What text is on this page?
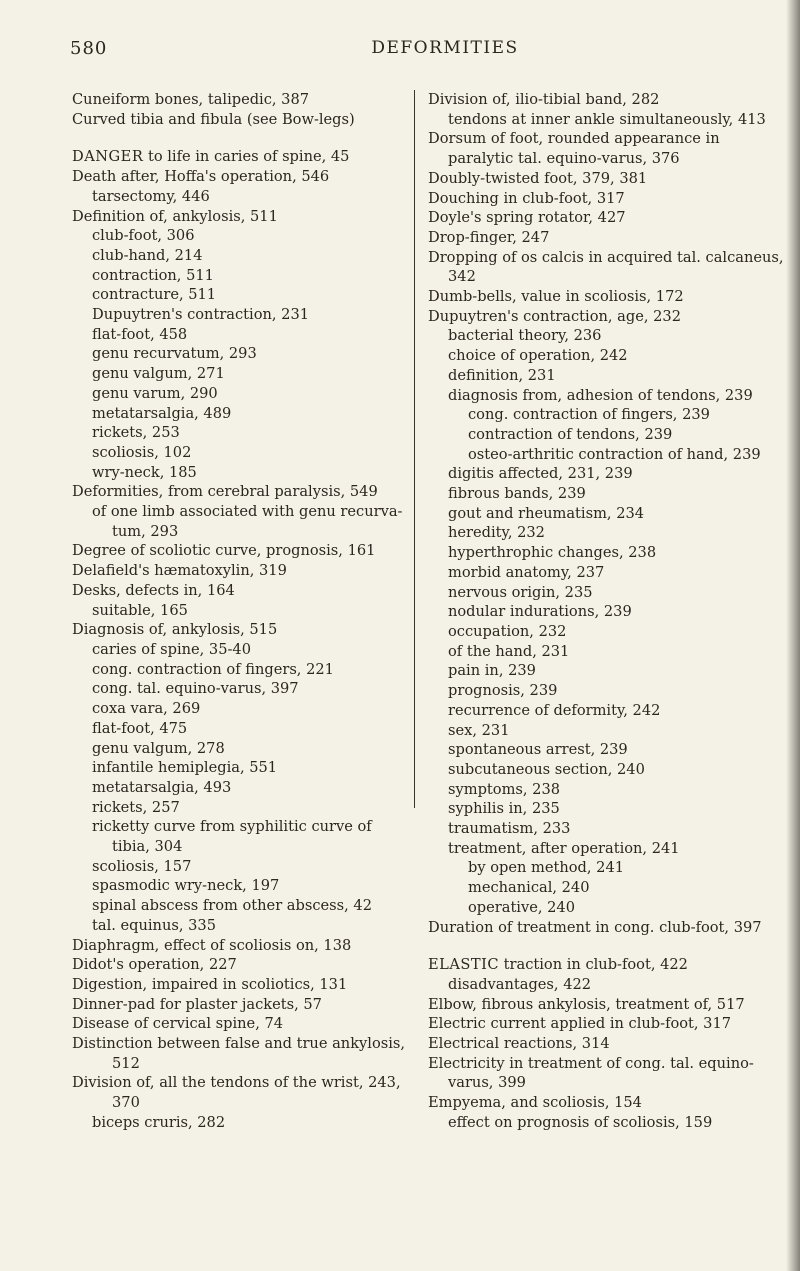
580	DEFORMITIES
Cuneiform bones, talipedic, 387
Curved tibia and fibula (see Bow-legs)
DANGER to life in caries of spine, 45
Death after, Hoffa's operation, 546
tarsectomy, 446
Definition of, ankylosis, 511
club-foot, 306
club-hand, 214
contraction, 511
contracture, 511
Dupuytren's contraction, 231
flat-foot, 458
genu recurvatum, 293
genu valgum, 271
genu varum, 290
metatarsalgia, 489
rickets, 253
scoliosis, 102
wry-neck, 185
Deformities, from cerebral paralysis, 549
of one limb associated with genu recurva-
tum, 293
Degree of scoliotic curve, prognosis, 161
Delafield's hæmatoxylin, 319
Desks, defects in, 164
suitable, 165
Diagnosis of, ankylosis, 515
caries of spine, 35-40
cong. contraction of fingers, 221
cong. tal. equino-varus, 397
coxa vara, 269
flat-foot, 475
genu valgum, 278
infantile hemiplegia, 551
metatarsalgia, 493
rickets, 257
ricketty curve from syphilitic curve of
tibia, 304
scoliosis, 157
spasmodic wry-neck, 197
spinal abscess from other abscess, 42
tal. equinus, 335
Diaphragm, effect of scoliosis on, 138
Didot's operation, 227
Digestion, impaired in scoliotics, 131
Dinner-pad for plaster jackets, 57
Disease of cervical spine, 74
Distinction between false and true ankylosis,
512
Division of, all the tendons of the wrist, 243,
370
biceps cruris, 282
Division of, ilio-tibial band, 282
tendons at inner ankle simultaneously, 413
Dorsum of foot, rounded appearance in
paralytic tal. equino-varus, 376
Doubly-twisted foot, 379, 381
Douching in club-foot, 317
Doyle's spring rotator, 427
Drop-finger, 247
Dropping of os calcis in acquired tal. calcaneus,
342
Dumb-bells, value in scoliosis, 172
Dupuytren's contraction, age, 232
bacterial theory, 236
choice of operation, 242
definition, 231
diagnosis from, adhesion of tendons, 239
cong. contraction of fingers, 239
contraction of tendons, 239
osteo-arthritic contraction of hand, 239
digitis affected, 231, 239
fibrous bands, 239
gout and rheumatism, 234
heredity, 232
hyperthrophic changes, 238
morbid anatomy, 237
nervous origin, 235
nodular indurations, 239
occupation, 232
of the hand, 231
pain in, 239
prognosis, 239
recurrence of deformity, 242
sex, 231
spontaneous arrest, 239
subcutaneous section, 240
symptoms, 238
syphilis in, 235
traumatism, 233
treatment, after operation, 241
by open method, 241
mechanical, 240
operative, 240
Duration of treatment in cong. club-foot, 397
ELASTIC traction in club-foot, 422
disadvantages, 422
Elbow, fibrous ankylosis, treatment of, 517
Electric current applied in club-foot, 317
Electrical reactions, 314
Electricity in treatment of cong. tal. equino-
varus, 399
Empyema, and scoliosis, 154
effect on prognosis of scoliosis, 159
